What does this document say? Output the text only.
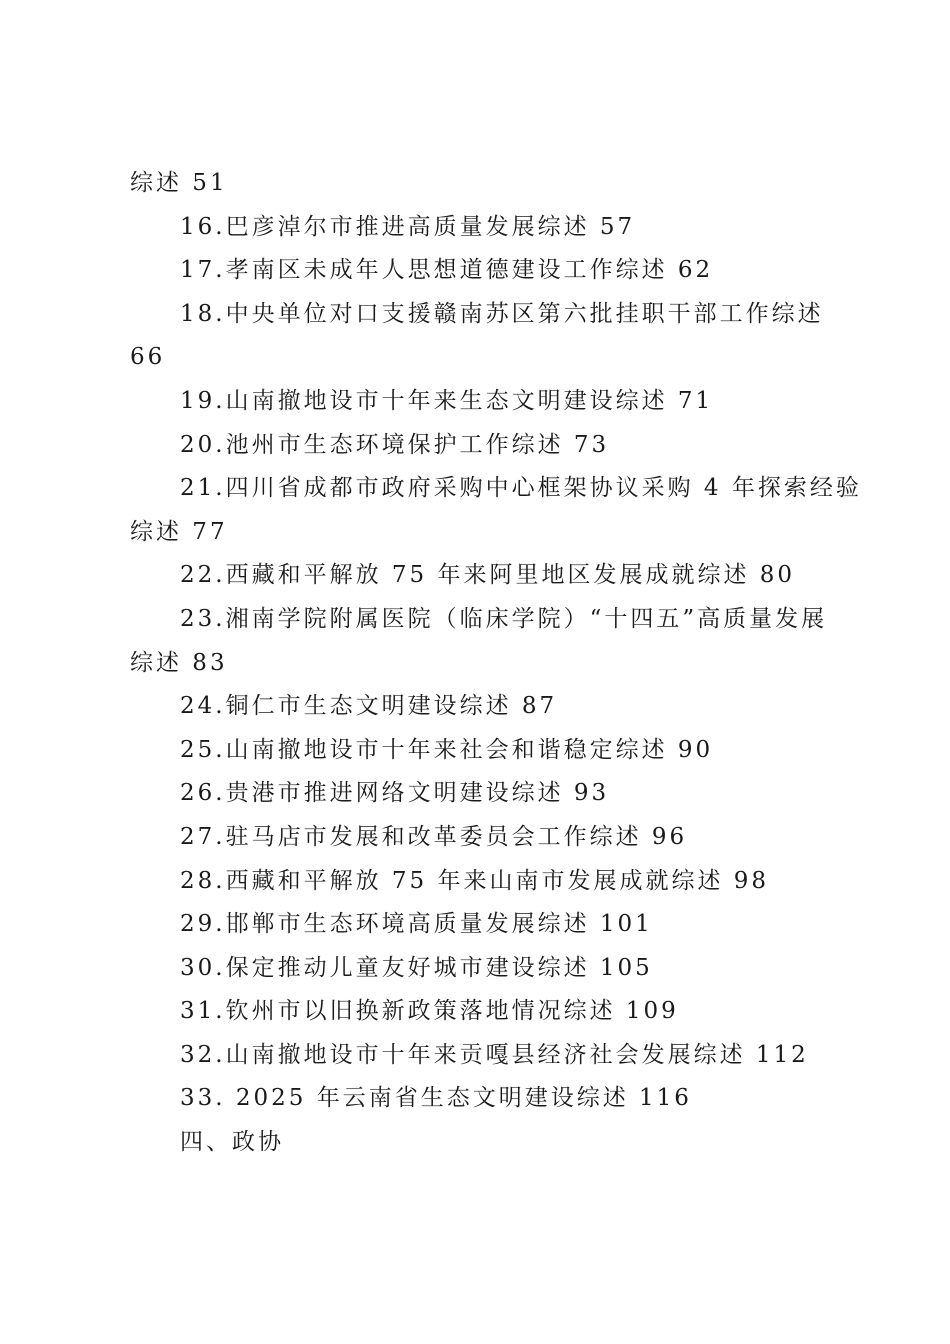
综述 51
16.巴彦淖尔市推进高质量发展综述 57
17.孝南区未成年人思想道德建设工作综述 62
18.中央单位对口支援赣南苏区第六批挂职干部工作综述
66
19.山南撤地设市十年来生态文明建设综述 71
20.池州市生态环境保护工作综述 73
21.四川省成都市政府采购中心框架协议采购 4 年探索经验
综述 77
22.西藏和平解放 75 年来阿里地区发展成就综述 80
23.湘南学院附属医院（临床学院）“十四五”高质量发展
综述 83
24.铜仁市生态文明建设综述 87
25.山南撤地设市十年来社会和谐稳定综述 90
26.贵港市推进网络文明建设综述 93
27.驻马店市发展和改革委员会工作综述 96
28.西藏和平解放 75 年来山南市发展成就综述 98
29.邯郸市生态环境高质量发展综述 101
30.保定推动儿童友好城市建设综述 105
31.钦州市以旧换新政策落地情况综述 109
32.山南撤地设市十年来贡嘎县经济社会发展综述 112
33. 2025 年云南省生态文明建设综述 116
四、政协
